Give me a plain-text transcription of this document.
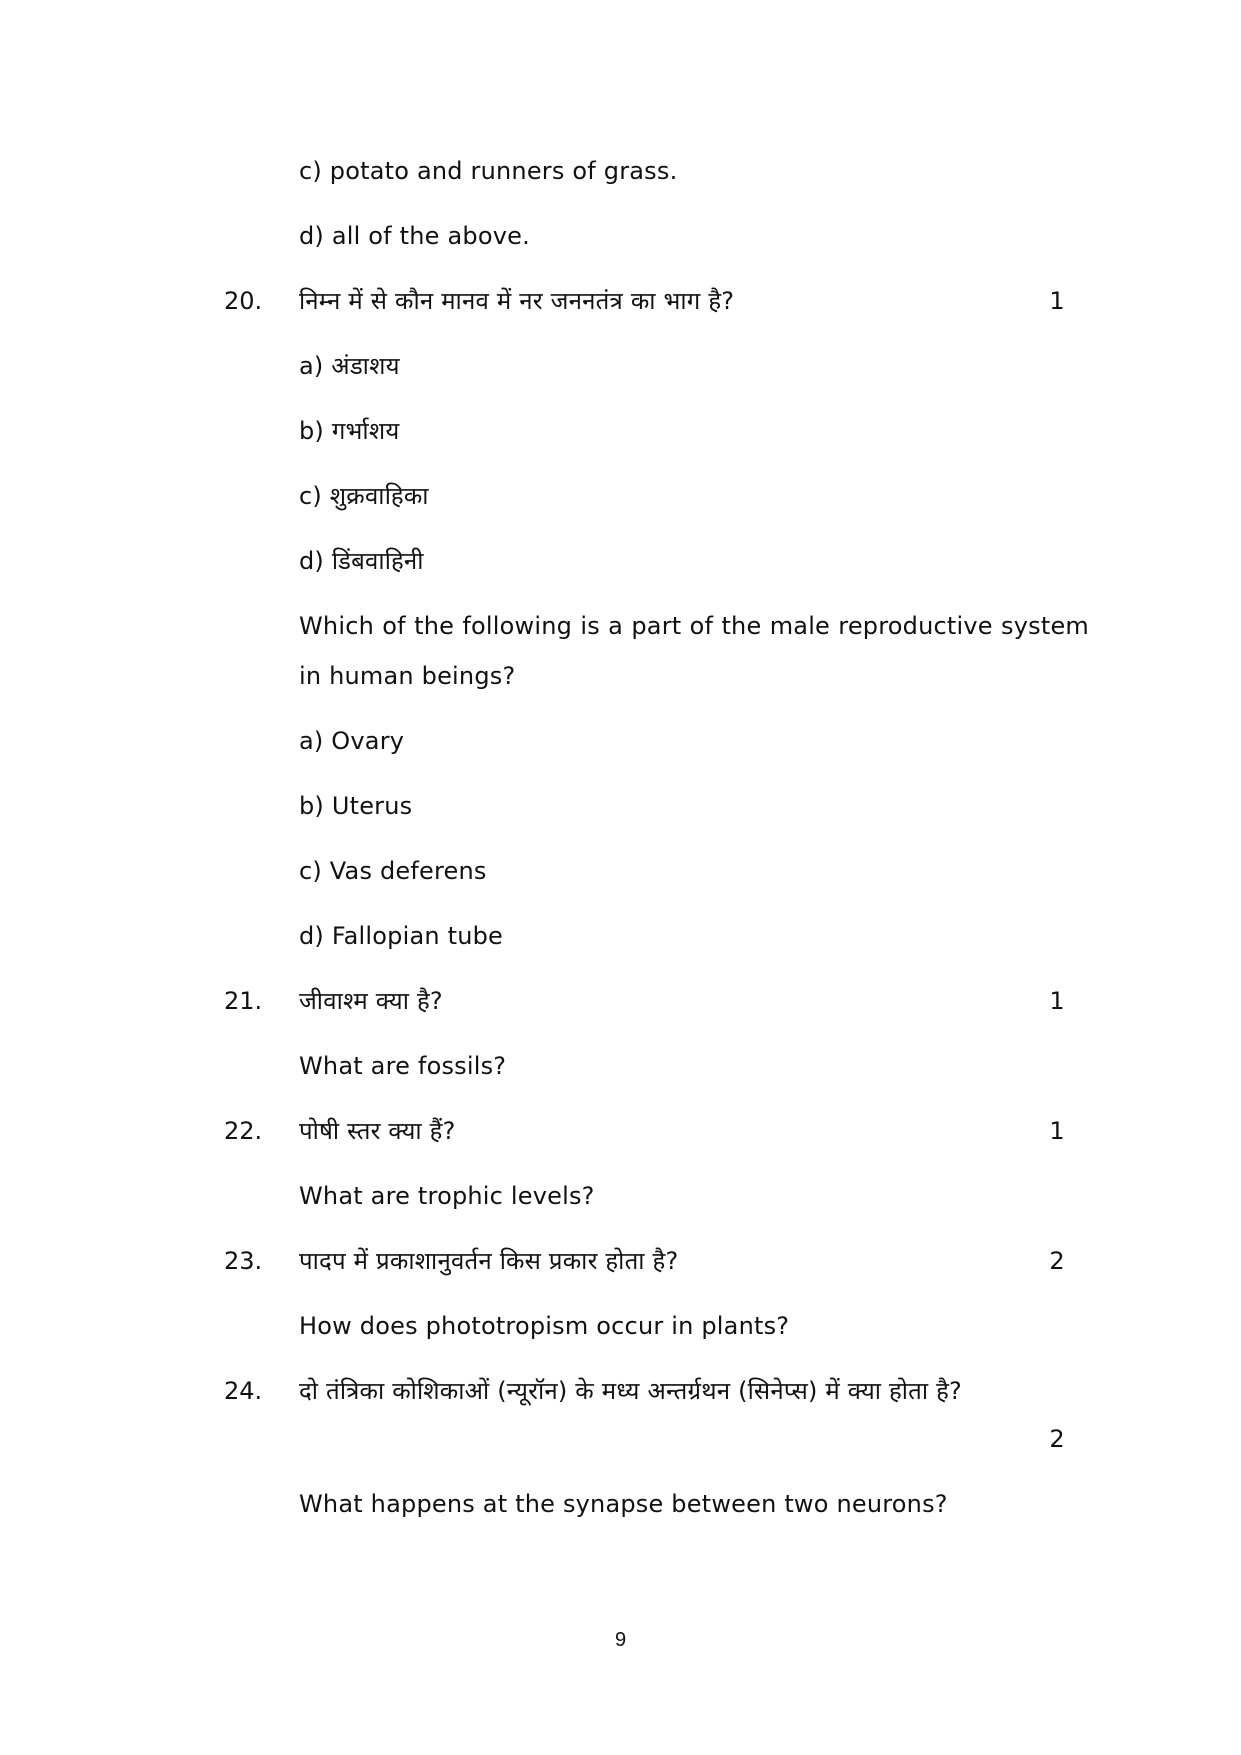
c) potato and runners of grass.
d) all of the above.
20. निम्न में से कौन मानव में नर जननतंत्र का भाग है?	1
a) अंडाशय
b) गर्भाशय
c) शुक्रवाहिका
d) डिंबवाहिनी
Which of the following is a part of the male reproductive system
in human beings?
a) Ovary
b) Uterus
c) Vas deferens
d) Fallopian tube
21. जीवाश्म क्या है?	1
What are fossils?
22. पोषी स्तर क्या हैं?	1
What are trophic levels?
23. पादप में प्रकाशानुवर्तन किस प्रकार होता है?	2
How does phototropism occur in plants?
24. दो तंत्रिका कोशिकाओं (न्यूरॉन) के मध्य अन्तर्ग्रथन (सिनेप्स) में क्या होता है?
2
What happens at the synapse between two neurons?
9
